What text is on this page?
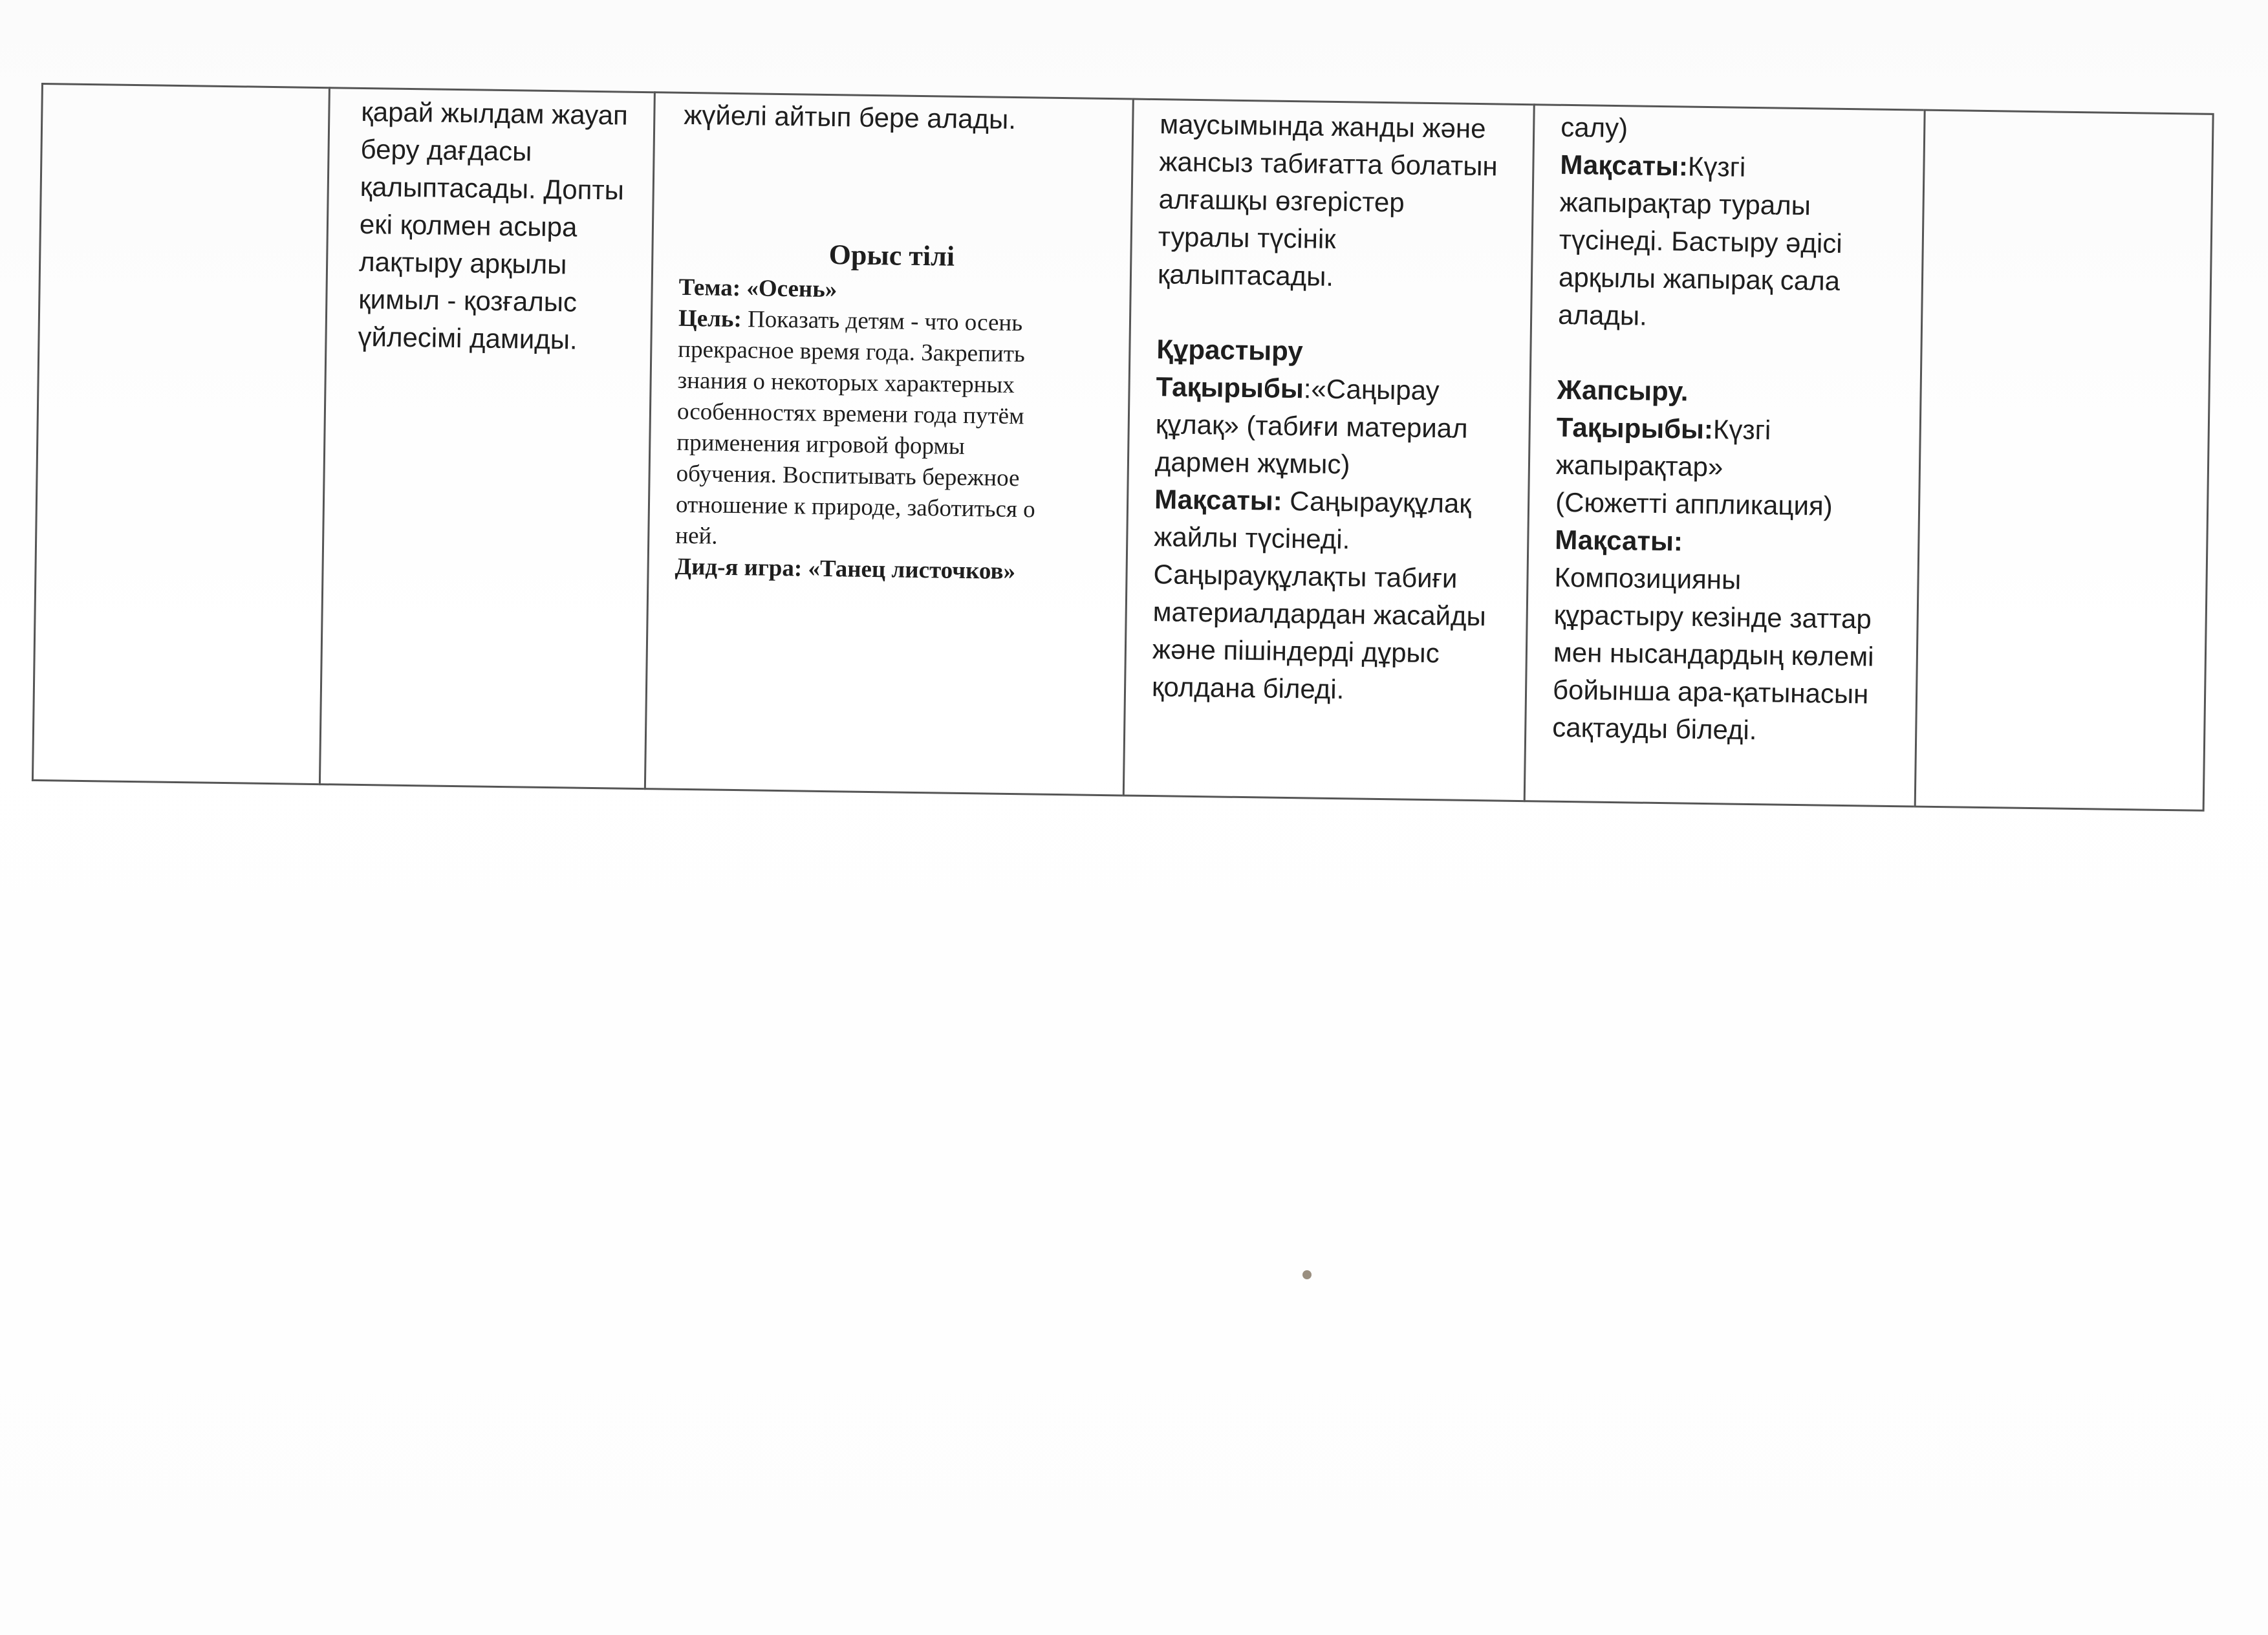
қарай жылдам жауап
беру дағдасы
қалыптасады. Допты
екі қолмен асыра
лақтыру арқылы
қимыл - қозғалыс
үйлесімі дамиды.
жүйелі айтып бере алады.
Орыс тілі
Тема: «Осень»
Цель: Показать детям - что осень
прекрасное время года. Закрепить
знания о некоторых характерных
особенностях времени года путём
применения игровой формы
обучения. Воспитывать бережное
отношение к природе, заботиться о
ней.
Дид-я игра: «Танец листочков»
маусымында жанды және
жансыз табиғатта болатын
алғашқы өзгерістер
туралы түсінік
қалыптасады.
Құрастыру
Тақырыбы:«Саңырау
құлақ» (табиғи материал
дармен жұмыс)
Мақсаты: Саңырауқұлақ
жайлы түсінеді.
Саңырауқұлақты табиғи
материалдардан жасайды
және пішіндерді дұрыс
қолдана біледі.
салу)
Мақсаты:Күзгі
жапырақтар туралы
түсінеді. Бастыру әдісі
арқылы жапырақ сала
алады.
Жапсыру.
Тақырыбы:Күзгі
жапырақтар»
(Сюжетті аппликация)
Мақсаты:
Композицияны
құрастыру кезінде заттар
мен нысандардың көлемі
бойынша ара-қатынасын
сақтауды біледі.
